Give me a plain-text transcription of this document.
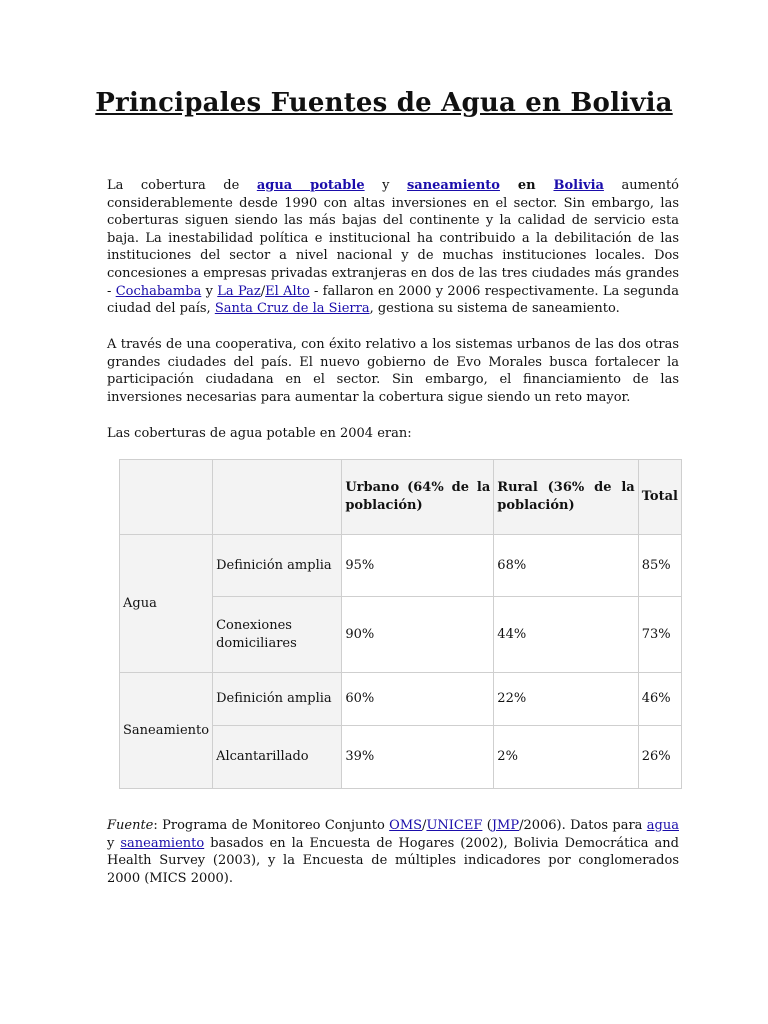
Principales Fuentes de Agua en Bolivia

La cobertura de agua potable y saneamiento en Bolivia aumentó considerablemente desde 1990 con altas inversiones en el sector. Sin embargo, las coberturas siguen siendo las más bajas del continente y la calidad de servicio esta baja. La inestabilidad política e institucional ha contribuido a la debilitación de las instituciones del sector a nivel nacional y de muchas instituciones locales. Dos concesiones a empresas privadas extranjeras en dos de las tres ciudades más grandes - Cochabamba y La Paz/El Alto - fallaron en 2000 y 2006 respectivamente. La segunda ciudad del país, Santa Cruz de la Sierra, gestiona su sistema de saneamiento.

A través de una cooperativa, con éxito relativo a los sistemas urbanos de las dos otras grandes ciudades del país. El nuevo gobierno de Evo Morales busca fortalecer la participación ciudadana en el sector. Sin embargo, el financiamiento de las inversiones necesarias para aumentar la cobertura sigue siendo un reto mayor.

Las coberturas de agua potable en 2004 eran:

		Urbano (64% de la población)	Rural (36% de la población)	Total
Agua	Definición amplia	95%	68%	85%
	Conexiones domiciliares	90%	44%	73%
Saneamiento	Definición amplia	60%	22%	46%
	Alcantarillado	39%	2%	26%

Fuente: Programa de Monitoreo Conjunto OMS/UNICEF (JMP/2006). Datos para agua y saneamiento basados en la Encuesta de Hogares (2002), Bolivia Democrática and Health Survey (2003), y la Encuesta de múltiples indicadores por conglomerados 2000 (MICS 2000).
